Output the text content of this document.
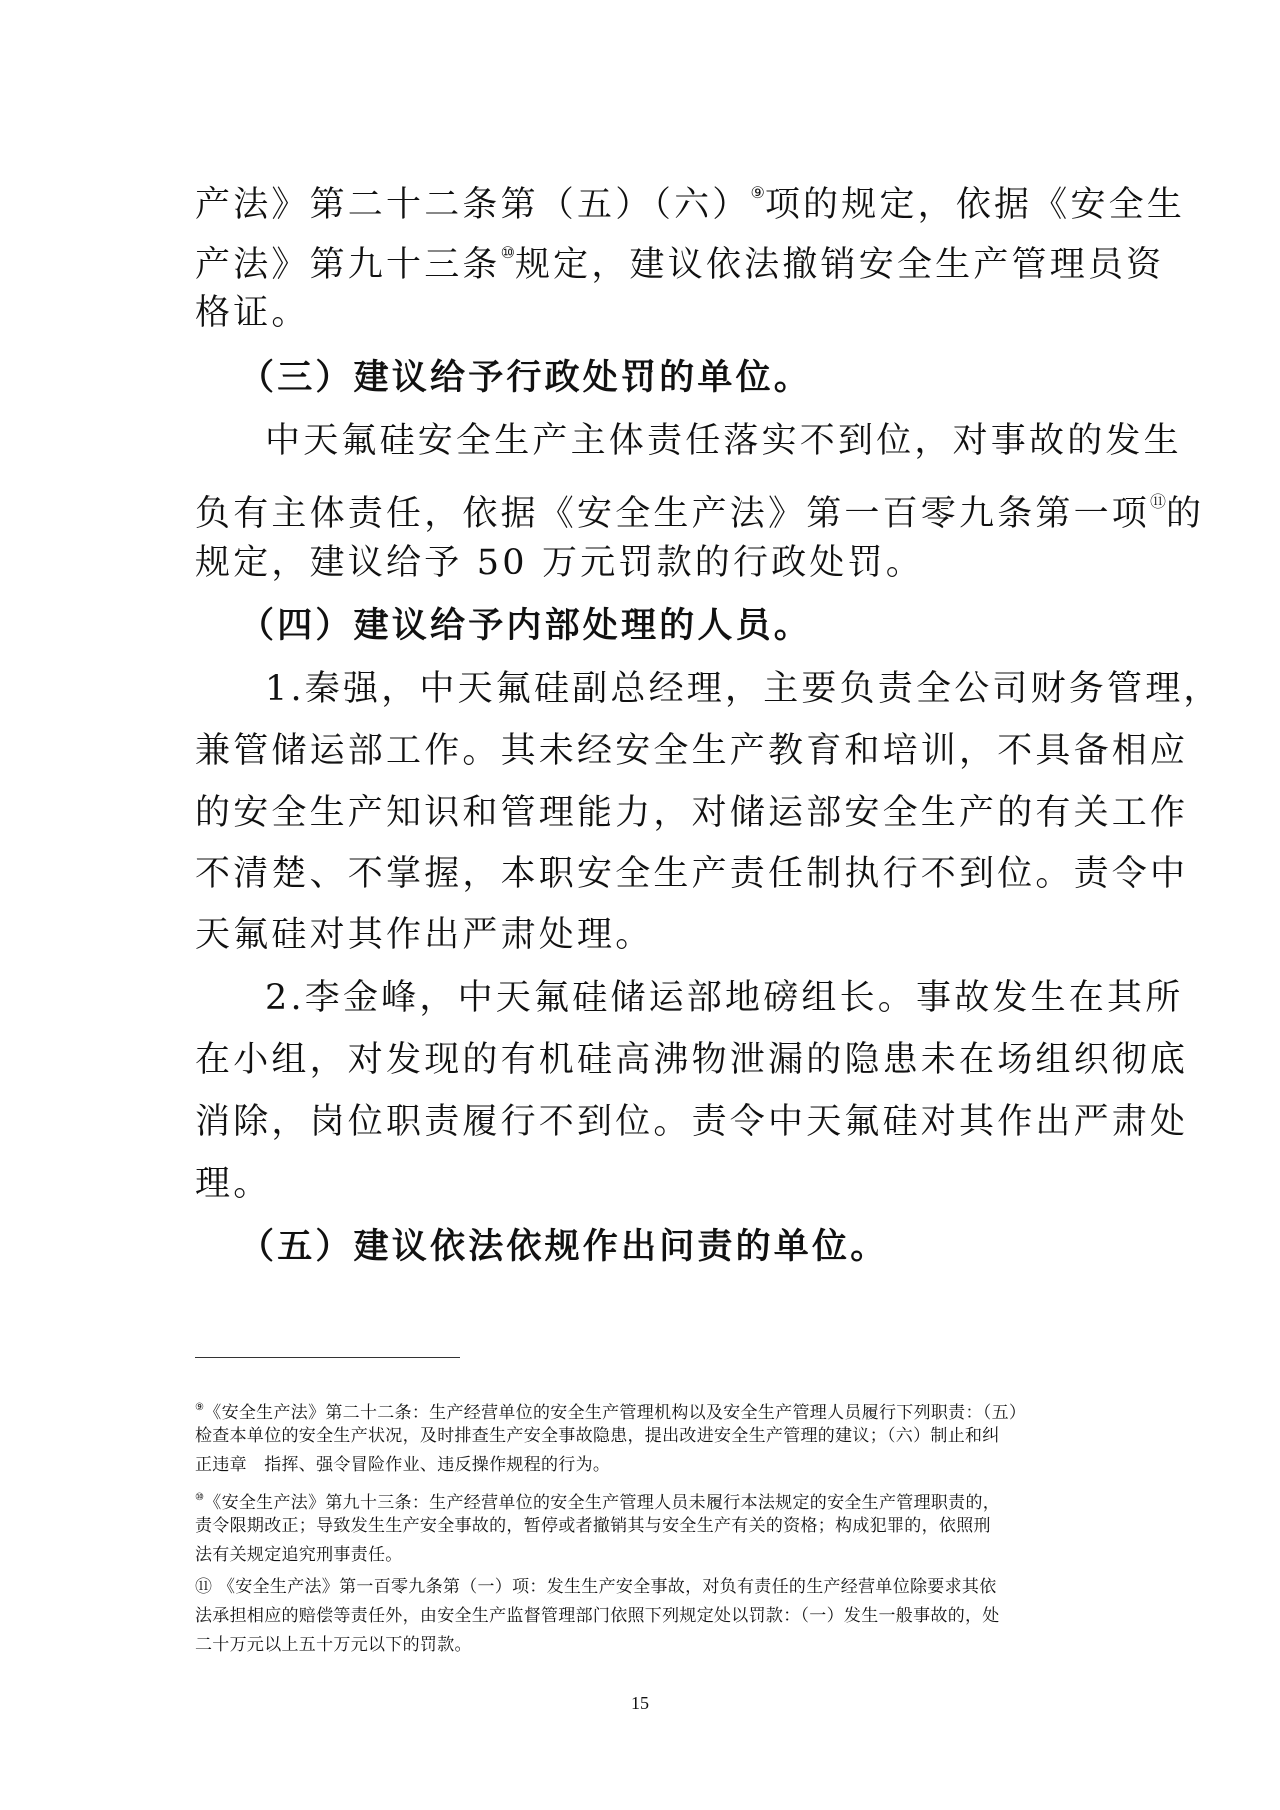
产法》第二十二条第（五）（六）⑨项的规定，依据《安全生
产法》第九十三条⑩规定，建议依法撤销安全生产管理员资
格证。
（三）建议给予行政处罚的单位。
中天氟硅安全生产主体责任落实不到位，对事故的发生
负有主体责任，依据《安全生产法》第一百零九条第一项⑪的
规定，建议给予 50 万元罚款的行政处罚。
（四）建议给予内部处理的人员。
1.秦强，中天氟硅副总经理，主要负责全公司财务管理，
兼管储运部工作。其未经安全生产教育和培训，不具备相应
的安全生产知识和管理能力，对储运部安全生产的有关工作
不清楚、不掌握，本职安全生产责任制执行不到位。责令中
天氟硅对其作出严肃处理。
2.李金峰，中天氟硅储运部地磅组长。事故发生在其所
在小组，对发现的有机硅高沸物泄漏的隐患未在场组织彻底
消除，岗位职责履行不到位。责令中天氟硅对其作出严肃处
理。
（五）建议依法依规作出问责的单位。
⑨《安全生产法》第二十二条：生产经营单位的安全生产管理机构以及安全生产管理人员履行下列职责：（五）
检查本单位的安全生产状况，及时排查生产安全事故隐患，提出改进安全生产管理的建议；（六）制止和纠
正违章　指挥、强令冒险作业、违反操作规程的行为。
⑩《安全生产法》第九十三条：生产经营单位的安全生产管理人员未履行本法规定的安全生产管理职责的，
责令限期改正；导致发生生产安全事故的，暂停或者撤销其与安全生产有关的资格；构成犯罪的，依照刑
法有关规定追究刑事责任。
⑪ 《安全生产法》第一百零九条第（一）项：发生生产安全事故，对负有责任的生产经营单位除要求其依
法承担相应的赔偿等责任外，由安全生产监督管理部门依照下列规定处以罚款：（一）发生一般事故的，处
二十万元以上五十万元以下的罚款。
15
